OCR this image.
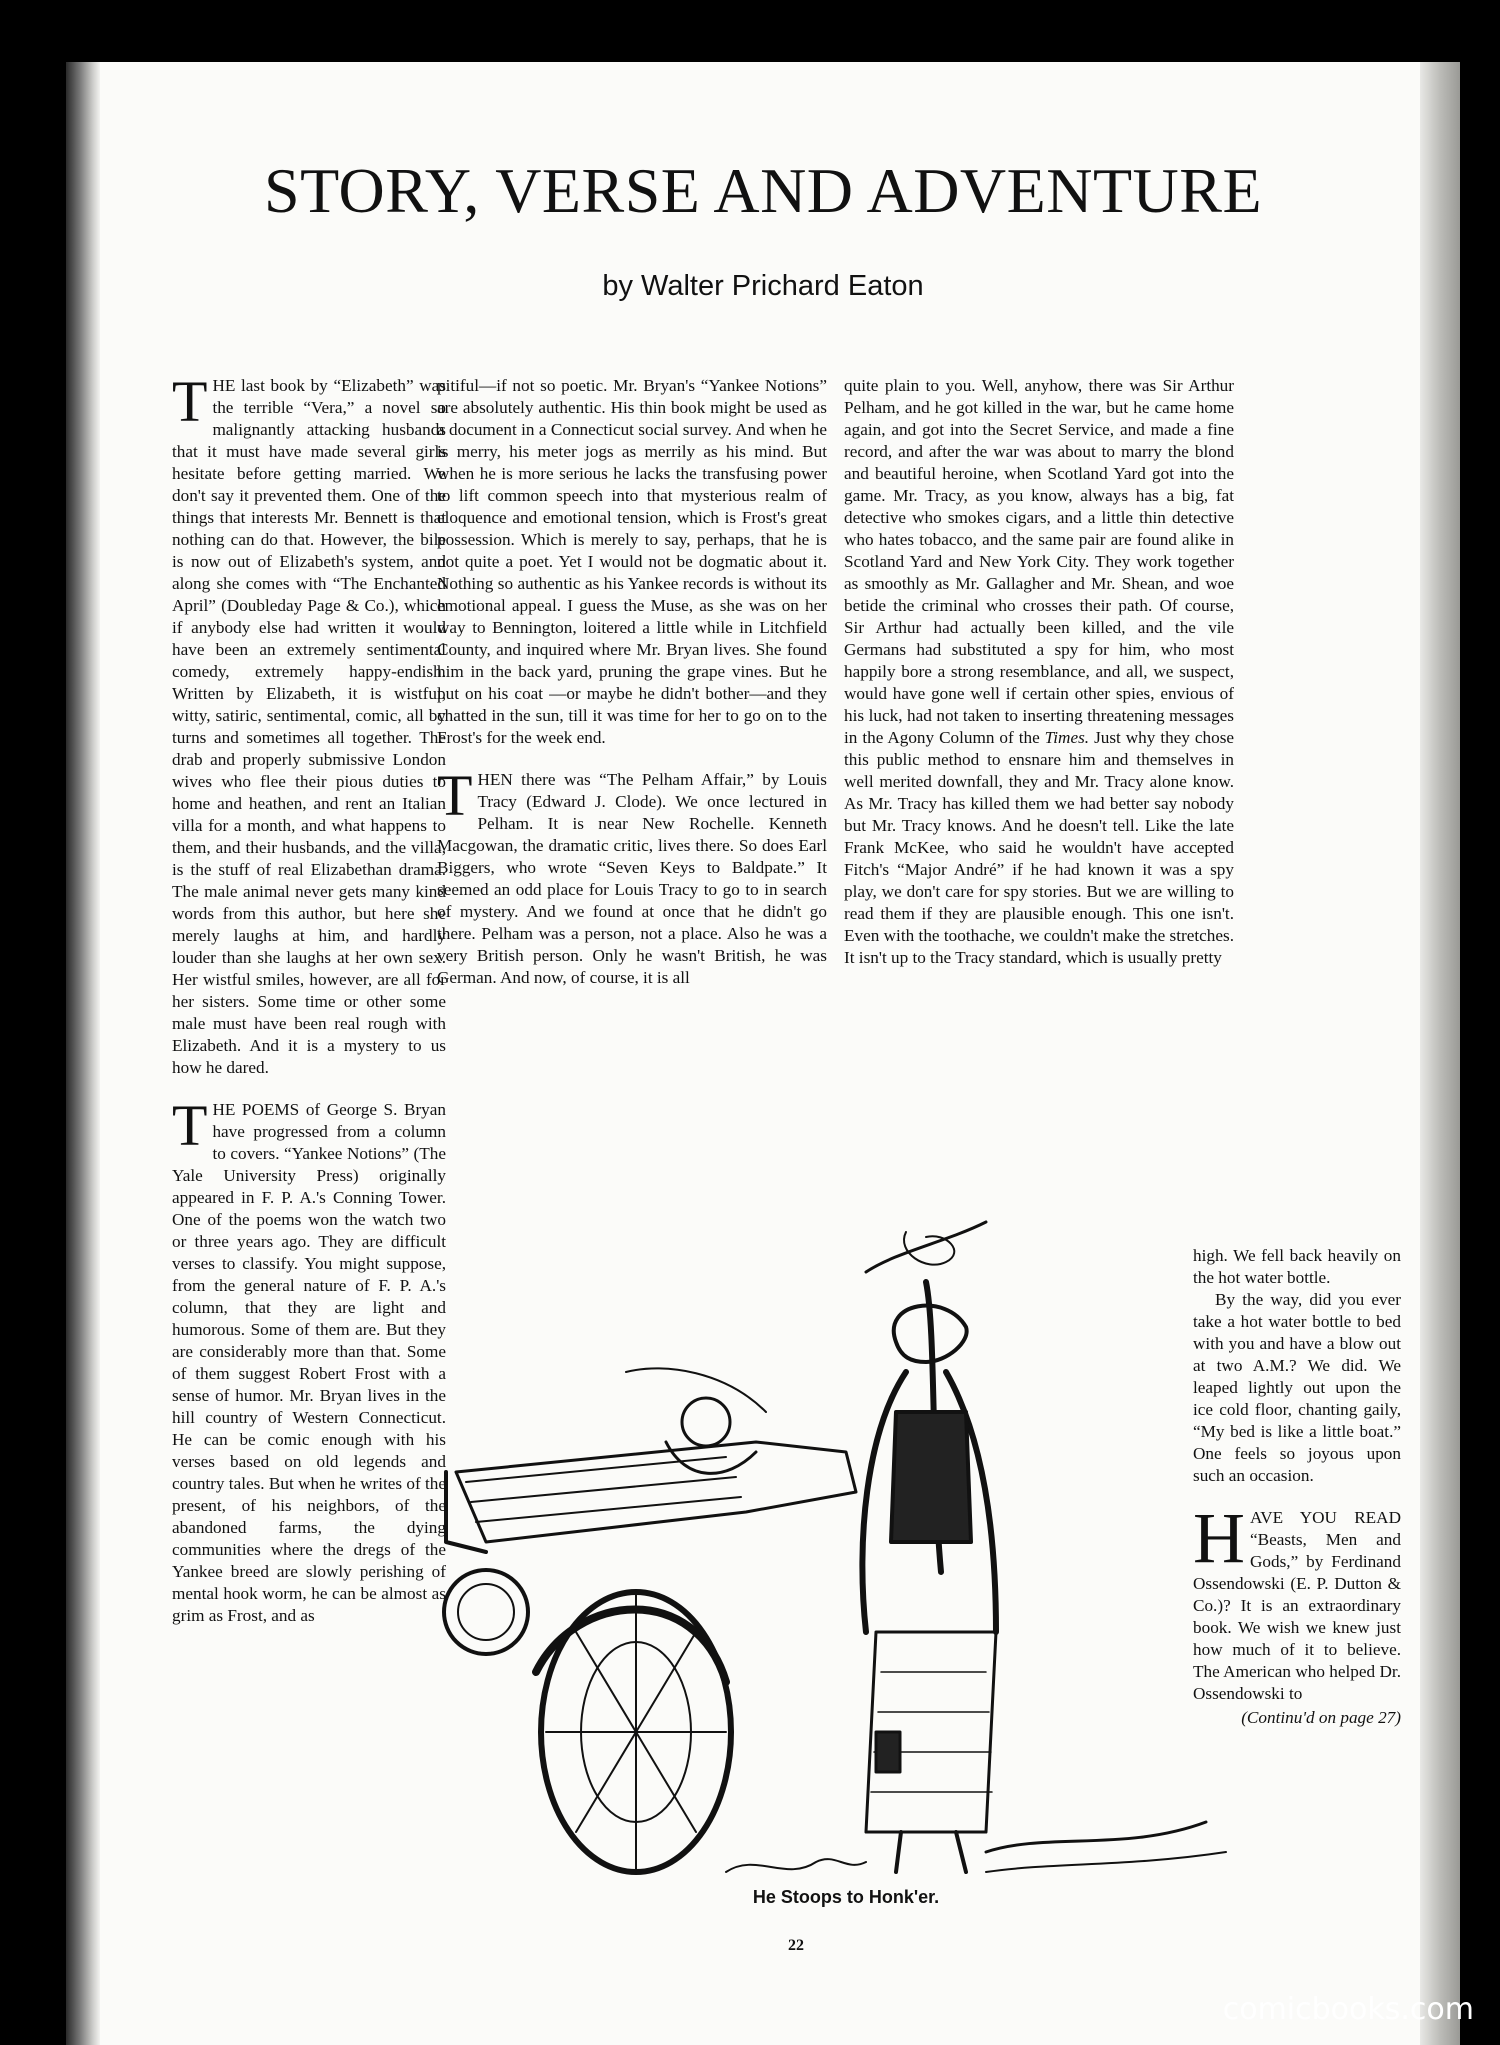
STORY, VERSE AND ADVENTURE
by Walter Prichard Eaton

THE last book by “Elizabeth” was the terrible “Vera,” a novel so malignantly attacking husbands that it must have made several girls hesitate before getting married. We don't say it prevented them. One of the things that interests Mr. Bennett is that nothing can do that. However, the bile is now out of Elizabeth's system, and along she comes with “The Enchanted April” (Doubleday Page & Co.), which if anybody else had written it would have been an extremely sentimental comedy, extremely happy-endish. Written by Elizabeth, it is wistful, witty, satiric, sentimental, comic, all by turns and sometimes all together. The drab and properly submissive London wives who flee their pious duties to home and heathen, and rent an Italian villa for a month, and what happens to them, and their husbands, and the villa, is the stuff of real Elizabethan drama. The male animal never gets many kind words from this author, but here she merely laughs at him, and hardly louder than she laughs at her own sex. Her wistful smiles, however, are all for her sisters. Some time or other some male must have been real rough with Elizabeth. And it is a mystery to us how he dared.

THE POEMS of George S. Bryan have progressed from a column to covers. “Yankee Notions” (The Yale University Press) originally appeared in F. P. A.'s Conning Tower. One of the poems won the watch two or three years ago. They are difficult verses to classify. You might suppose, from the general nature of F. P. A.'s column, that they are light and humorous. Some of them are. But they are considerably more than that. Some of them suggest Robert Frost with a sense of humor. Mr. Bryan lives in the hill country of Western Connecticut. He can be comic enough with his verses based on old legends and country tales. But when he writes of the present, of his neighbors, of the abandoned farms, the dying communities where the dregs of the Yankee breed are slowly perishing of mental hook worm, he can be almost as grim as Frost, and as

pitiful—if not so poetic. Mr. Bryan's “Yankee Notions” are absolutely authentic. His thin book might be used as a document in a Connecticut social survey. And when he is merry, his meter jogs as merrily as his mind. But when he is more serious he lacks the transfusing power to lift common speech into that mysterious realm of eloquence and emotional tension, which is Frost's great possession. Which is merely to say, perhaps, that he is not quite a poet. Yet I would not be dogmatic about it. Nothing so authentic as his Yankee records is without its emotional appeal. I guess the Muse, as she was on her way to Bennington, loitered a little while in Litchfield County, and inquired where Mr. Bryan lives. She found him in the back yard, pruning the grape vines. But he put on his coat —or maybe he didn't bother—and they chatted in the sun, till it was time for her to go on to the Frost's for the week end.

THEN there was “The Pelham Affair,” by Louis Tracy (Edward J. Clode). We once lectured in Pelham. It is near New Rochelle. Kenneth Macgowan, the dramatic critic, lives there. So does Earl Biggers, who wrote “Seven Keys to Baldpate.” It seemed an odd place for Louis Tracy to go to in search of mystery. And we found at once that he didn't go there. Pelham was a person, not a place. Also he was a very British person. Only he wasn't British, he was German. And now, of course, it is all

quite plain to you. Well, anyhow, there was Sir Arthur Pelham, and he got killed in the war, but he came home again, and got into the Secret Service, and made a fine record, and after the war was about to marry the blond and beautiful heroine, when Scotland Yard got into the game. Mr. Tracy, as you know, always has a big, fat detective who smokes cigars, and a little thin detective who hates tobacco, and the same pair are found alike in Scotland Yard and New York City. They work together as smoothly as Mr. Gallagher and Mr. Shean, and woe betide the criminal who crosses their path. Of course, Sir Arthur had actually been killed, and the vile Germans had substituted a spy for him, who most happily bore a strong resemblance, and all, we suspect, would have gone well if certain other spies, envious of his luck, had not taken to inserting threatening messages in the Agony Column of the Times. Just why they chose this public method to ensnare him and themselves in well merited downfall, they and Mr. Tracy alone know. As Mr. Tracy has killed them we had better say nobody but Mr. Tracy knows. And he doesn't tell. Like the late Frank McKee, who said he wouldn't have accepted Fitch's “Major André” if he had known it was a spy play, we don't care for spy stories. But we are willing to read them if they are plausible enough. This one isn't. Even with the toothache, we couldn't make the stretches. It isn't up to the Tracy standard, which is usually pretty

high. We fell back heavily on the hot water bottle.

By the way, did you ever take a hot water bottle to bed with you and have a blow out at two A.M.? We did. We leaped lightly out upon the ice cold floor, chanting gaily, “My bed is like a little boat.” One feels so joyous upon such an occasion.

HAVE YOU READ “Beasts, Men and Gods,” by Ferdinand Ossendowski (E. P. Dutton & Co.)? It is an extraordinary book. We wish we knew just how much of it to believe. The American who helped Dr. Ossendowski to

(Continu'd on page 27)

He Stoops to Honk'er.
22
comicbooks.com
